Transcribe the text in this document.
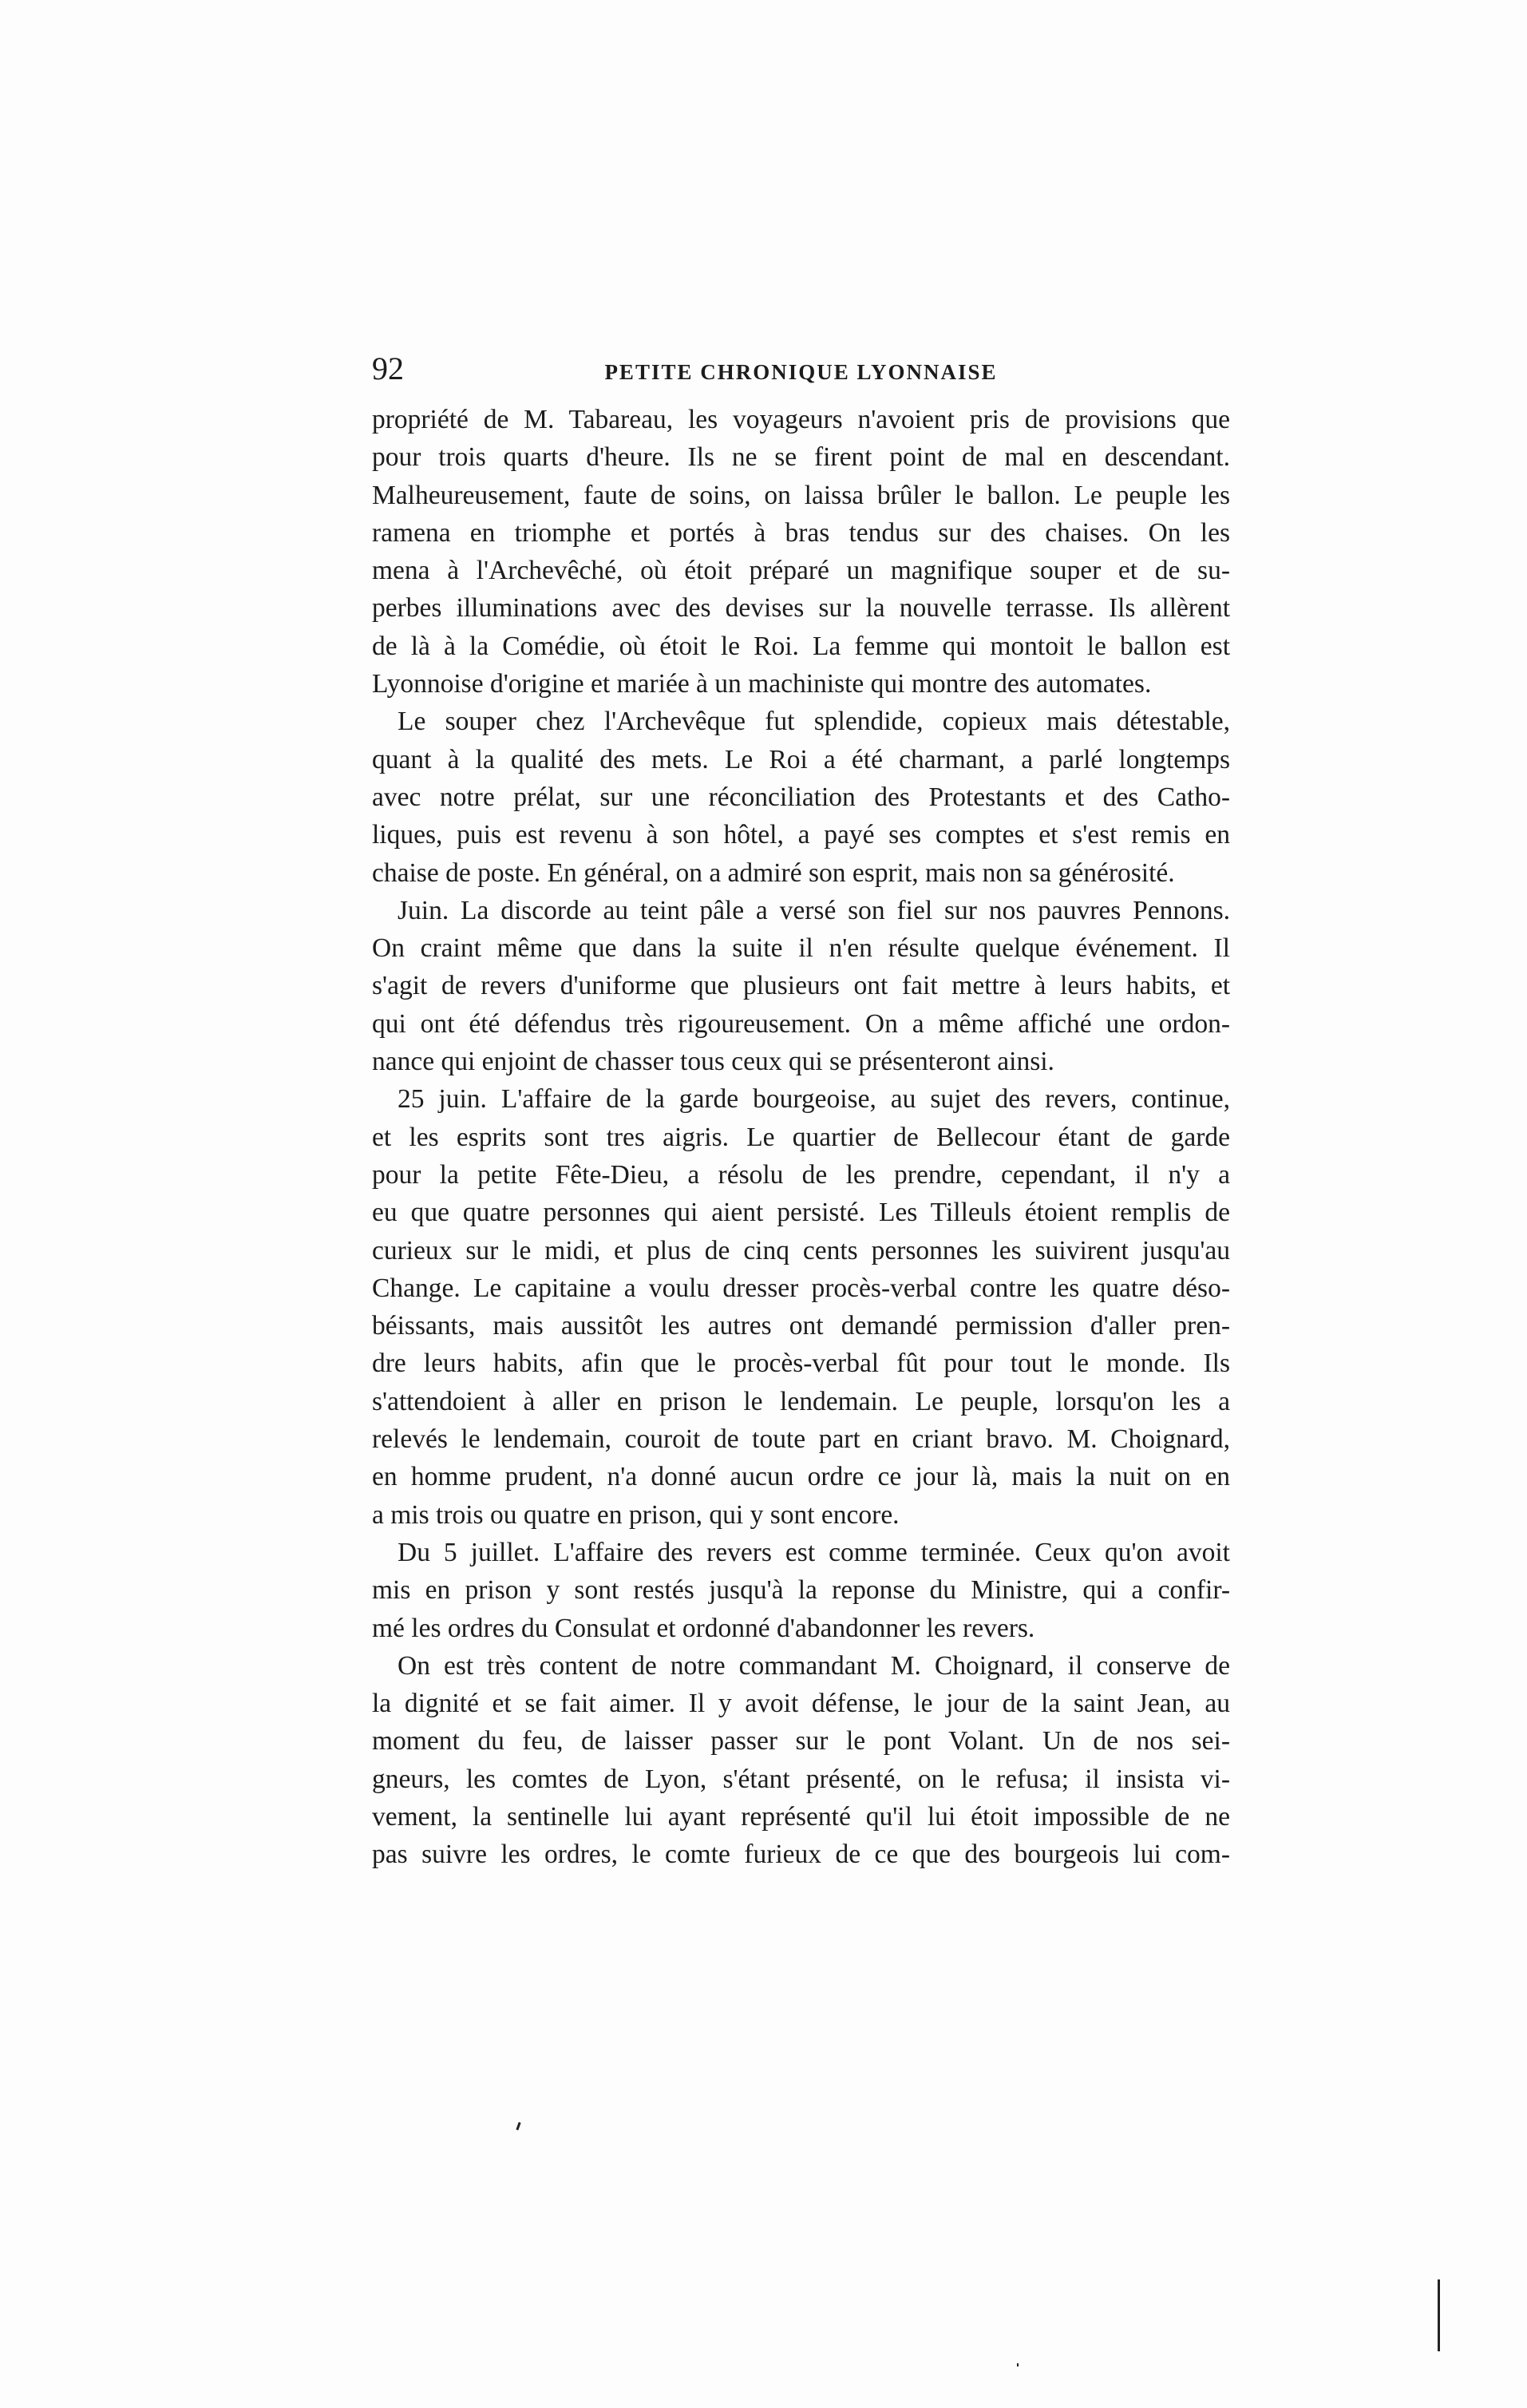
92	PETITE CHRONIQUE LYONNAISE
propriété de M. Tabareau, les voyageurs n'avoient pris de provisions que
pour trois quarts d'heure. Ils ne se firent point de mal en descendant.
Malheureusement, faute de soins, on laissa brûler le ballon. Le peuple les
ramena en triomphe et portés à bras tendus sur des chaises. On les
mena à l'Archevêché, où étoit préparé un magnifique souper et de su-
perbes illuminations avec des devises sur la nouvelle terrasse. Ils allèrent
de là à la Comédie, où étoit le Roi. La femme qui montoit le ballon est
Lyonnoise d'origine et mariée à un machiniste qui montre des automates.
Le souper chez l'Archevêque fut splendide, copieux mais détestable,
quant à la qualité des mets. Le Roi a été charmant, a parlé longtemps
avec notre prélat, sur une réconciliation des Protestants et des Catho-
liques, puis est revenu à son hôtel, a payé ses comptes et s'est remis en
chaise de poste. En général, on a admiré son esprit, mais non sa générosité.
Juin. La discorde au teint pâle a versé son fiel sur nos pauvres Pennons.
On craint même que dans la suite il n'en résulte quelque événement. Il
s'agit de revers d'uniforme que plusieurs ont fait mettre à leurs habits, et
qui ont été défendus très rigoureusement. On a même affiché une ordon-
nance qui enjoint de chasser tous ceux qui se présenteront ainsi.
25 juin. L'affaire de la garde bourgeoise, au sujet des revers, continue,
et les esprits sont tres aigris. Le quartier de Bellecour étant de garde
pour la petite Fête-Dieu, a résolu de les prendre, cependant, il n'y a
eu que quatre personnes qui aient persisté. Les Tilleuls étoient remplis de
curieux sur le midi, et plus de cinq cents personnes les suivirent jusqu'au
Change. Le capitaine a voulu dresser procès-verbal contre les quatre déso-
béissants, mais aussitôt les autres ont demandé permission d'aller pren-
dre leurs habits, afin que le procès-verbal fût pour tout le monde. Ils
s'attendoient à aller en prison le lendemain. Le peuple, lorsqu'on les a
relevés le lendemain, couroit de toute part en criant bravo. M. Choignard,
en homme prudent, n'a donné aucun ordre ce jour là, mais la nuit on en
a mis trois ou quatre en prison, qui y sont encore.
Du 5 juillet. L'affaire des revers est comme terminée. Ceux qu'on avoit
mis en prison y sont restés jusqu'à la reponse du Ministre, qui a confir-
mé les ordres du Consulat et ordonné d'abandonner les revers.
On est très content de notre commandant M. Choignard, il conserve de
la dignité et se fait aimer. Il y avoit défense, le jour de la saint Jean, au
moment du feu, de laisser passer sur le pont Volant. Un de nos sei-
gneurs, les comtes de Lyon, s'étant présenté, on le refusa; il insista vi-
vement, la sentinelle lui ayant représenté qu'il lui étoit impossible de ne
pas suivre les ordres, le comte furieux de ce que des bourgeois lui com-
